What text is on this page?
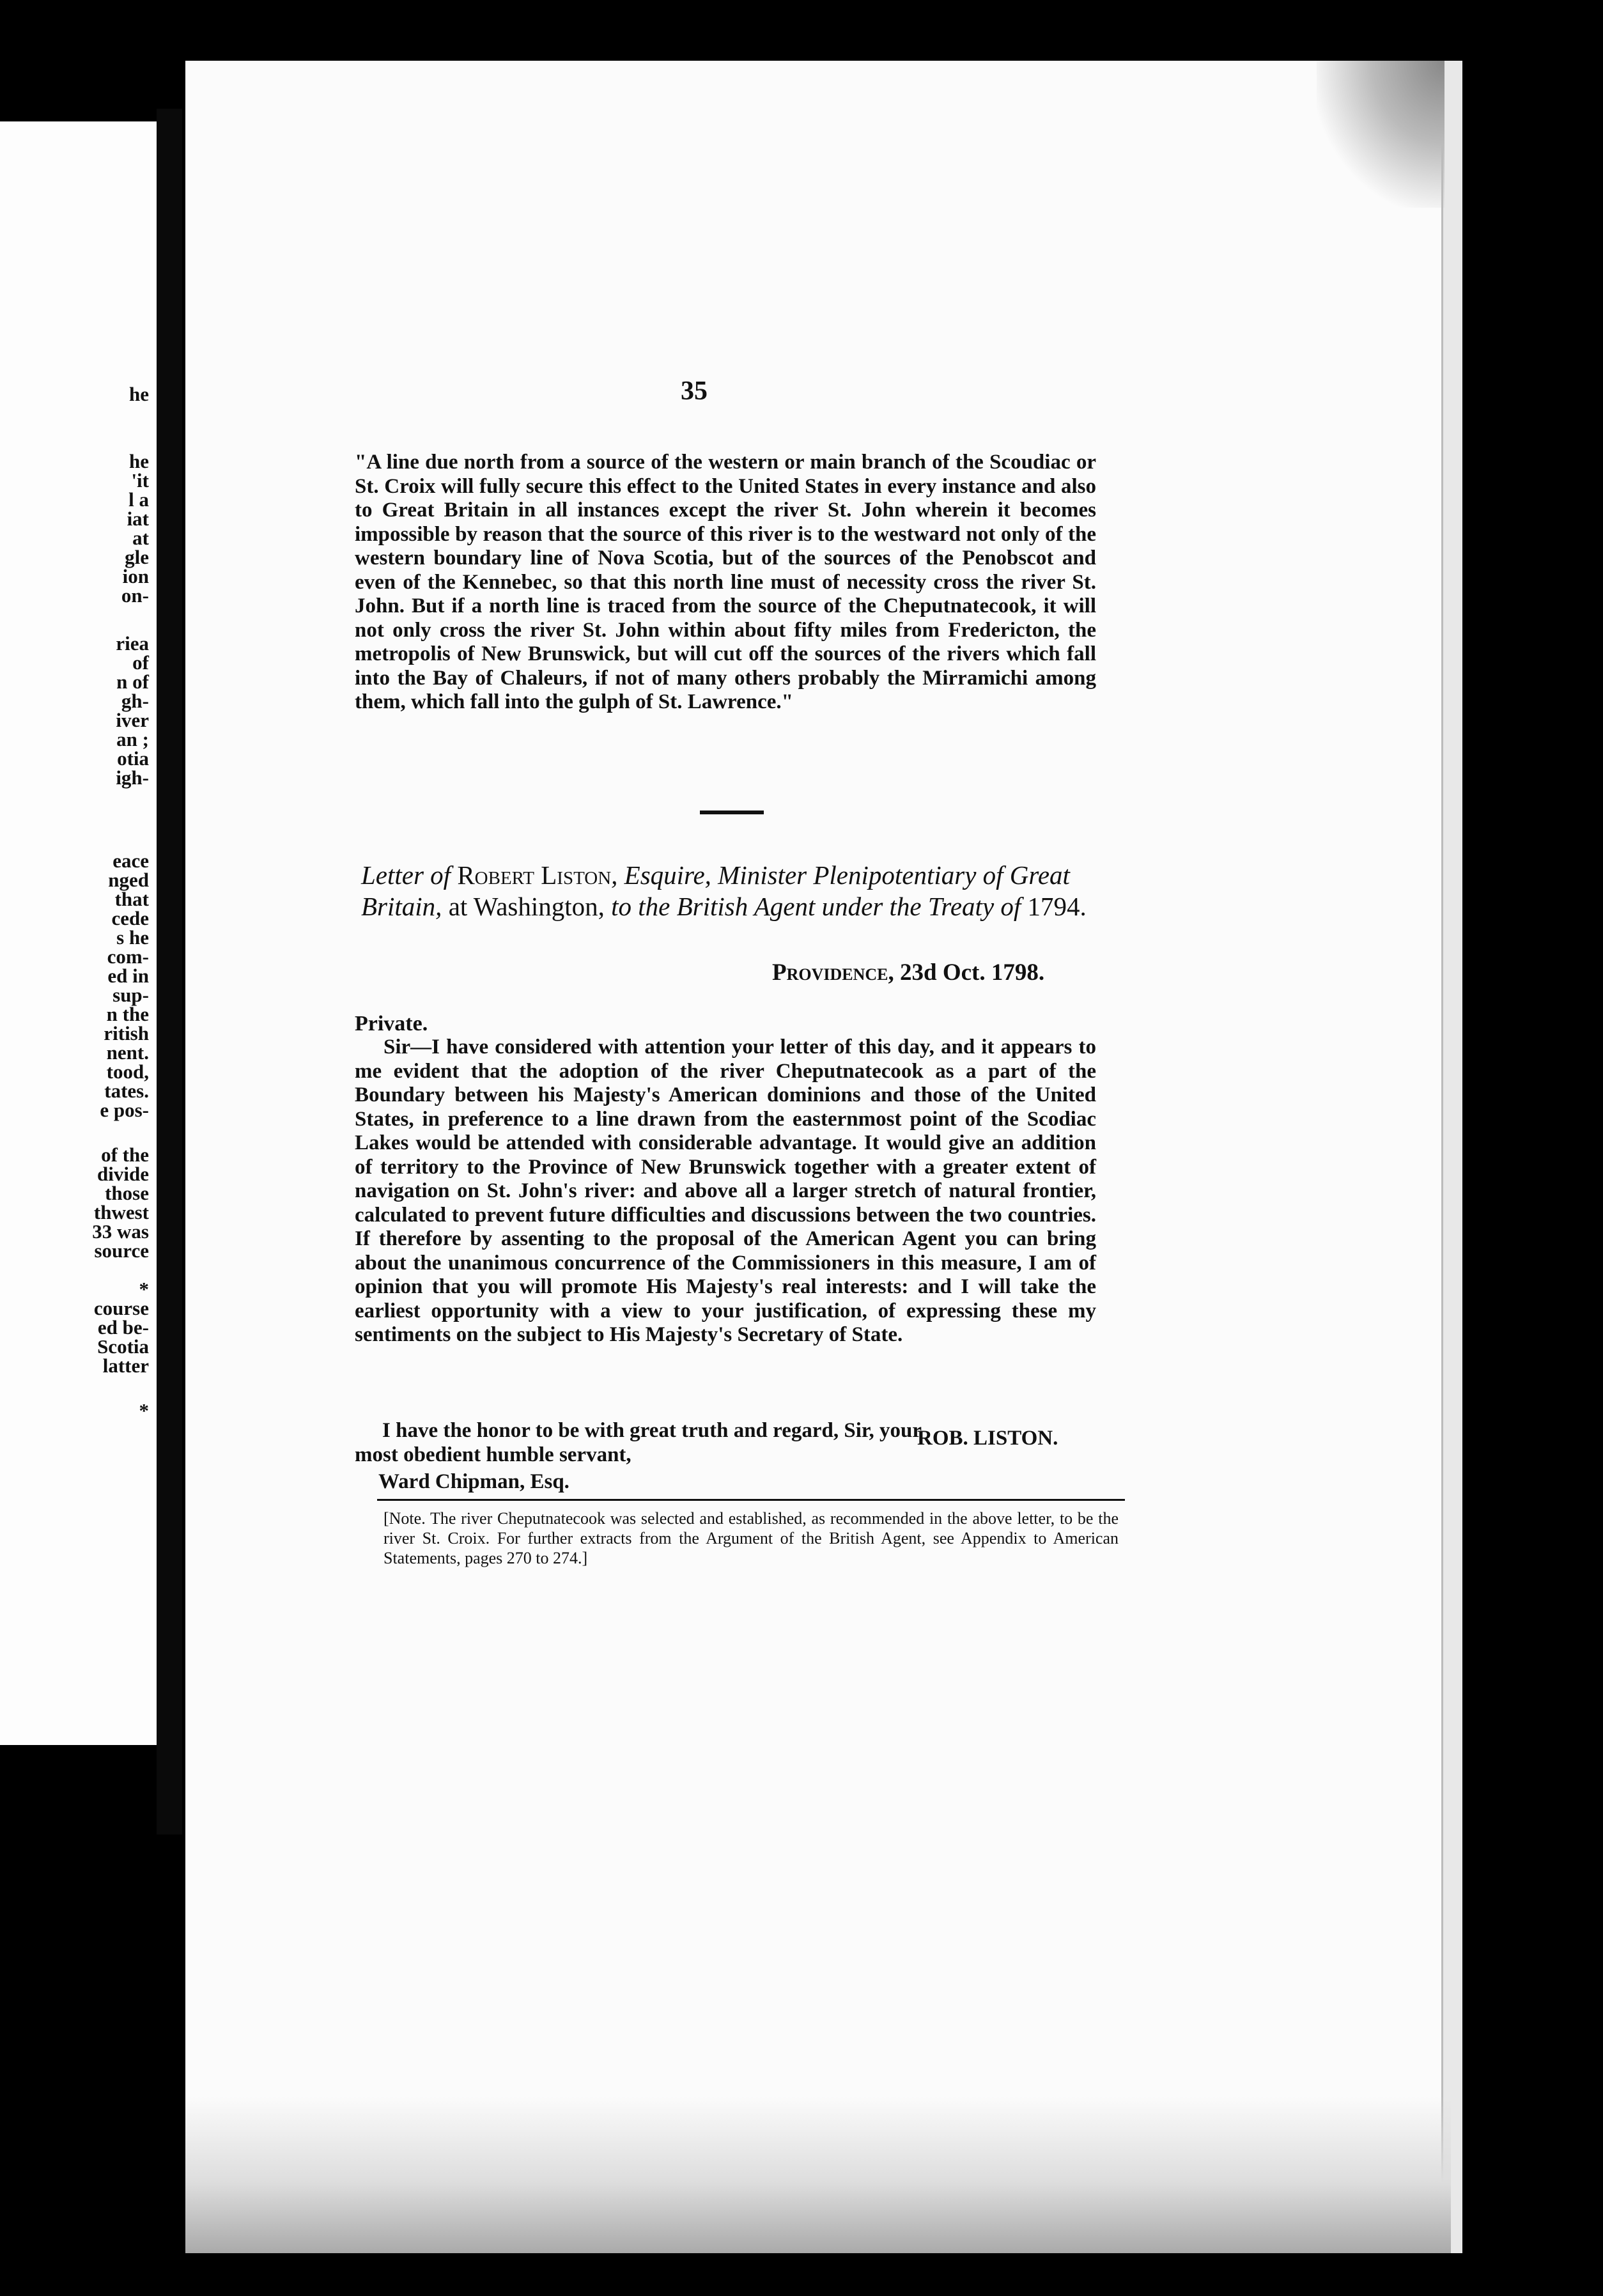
he
he
'it
l a
iat
at
gle
ion
on-
riea
of
n of
gh-
iver
an ;
otia
igh-
eace
nged
that
cede
s he
com-
ed in
sup-
n the
ritish
nent.
tood,
tates.
e pos-
of the
divide
those
thwest
33 was
source
*
course
ed be-
Scotia
latter
*
35
"A line due north from a source of the western or main branch of the Scoudiac or St. Croix will fully secure this effect to the United States in every instance and also to Great Britain in all instances except the river St. John wherein it becomes impossible by reason that the source of this river is to the westward not only of the western boundary line of Nova Scotia, but of the sources of the Penobscot and even of the Kennebec, so that this north line must of necessity cross the river St. John. But if a north line is traced from the source of the Cheputnatecook, it will not only cross the river St. John within about fifty miles from Fredericton, the metropolis of New Brunswick, but will cut off the sources of the rivers which fall into the Bay of Chaleurs, if not of many others probably the Mirramichi among them, which fall into the gulph of St. Lawrence."
Letter of Robert Liston, Esquire, Minister Plenipotentiary of Great Britain, at Washington, to the British Agent under the Treaty of 1794.
Providence, 23d Oct. 1798.
Private.

Sir—I have considered with attention your letter of this day, and it appears to me evident that the adoption of the river Cheputnatecook as a part of the Boundary between his Majesty's American dominions and those of the United States, in preference to a line drawn from the easternmost point of the Scodiac Lakes would be attended with considerable advantage. It would give an addition of territory to the Province of New Brunswick together with a greater extent of navigation on St. John's river: and above all a larger stretch of natural frontier, calculated to prevent future difficulties and discussions between the two countries. If therefore by assenting to the proposal of the American Agent you can bring about the unanimous concurrence of the Commissioners in this measure, I am of opinion that you will promote His Majesty's real interests: and I will take the earliest opportunity with a view to your justification, of expressing these my sentiments on the subject to His Majesty's Secretary of State.

I have the honor to be with great truth and regard, Sir, your
most obedient humble servant,
ROB. LISTON.
Ward Chipman, Esq.
[Note. The river Cheputnatecook was selected and established, as recommended in the above letter, to be the river St. Croix. For further extracts from the Argument of the British Agent, see Appendix to American Statements, pages 270 to 274.]
